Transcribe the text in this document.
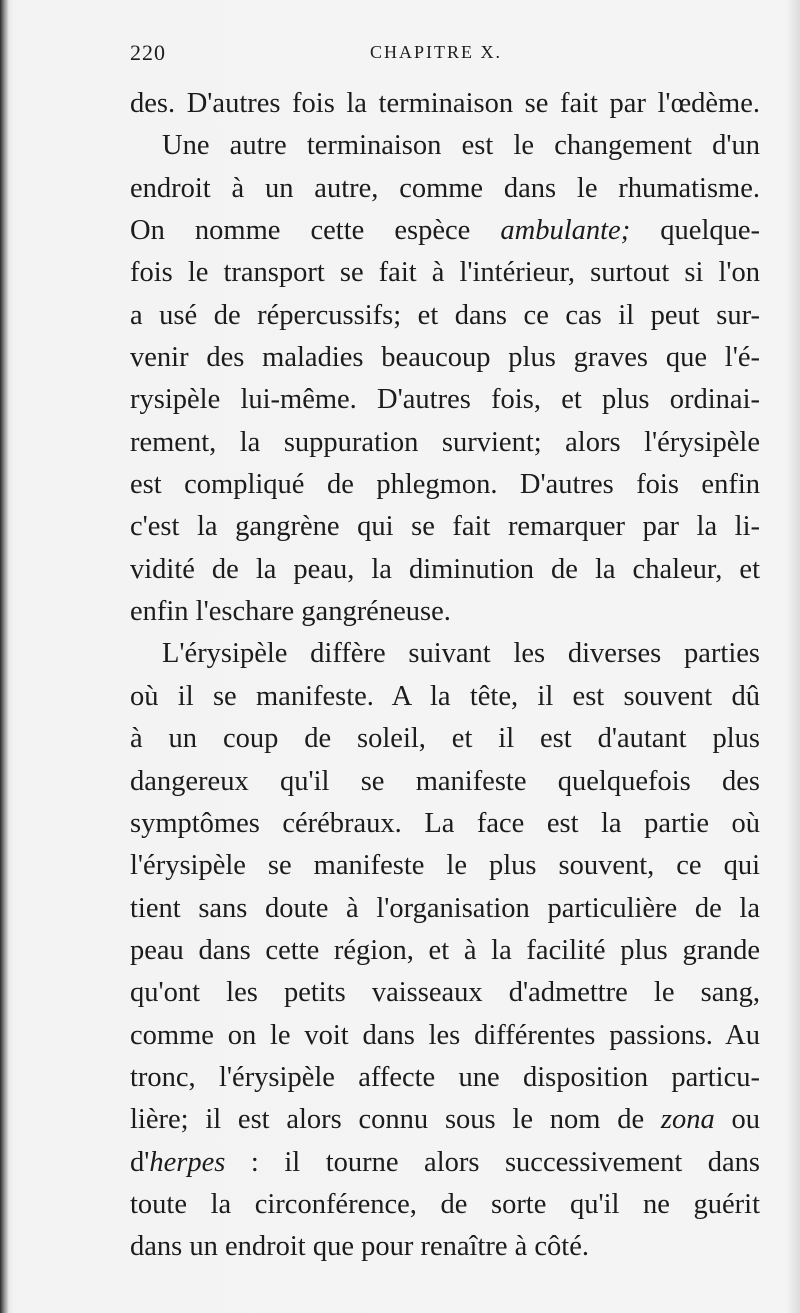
220	CHAPITRE X.
des. D'autres fois la terminaison se fait par l'œdème.
Une autre terminaison est le changement d'un
endroit à un autre, comme dans le rhumatisme.
On nomme cette espèce ambulante; quelque-
fois le transport se fait à l'intérieur, surtout si l'on
a usé de répercussifs; et dans ce cas il peut sur-
venir des maladies beaucoup plus graves que l'é-
rysipèle lui-même. D'autres fois, et plus ordinai-
rement, la suppuration survient; alors l'érysipèle
est compliqué de phlegmon. D'autres fois enfin
c'est la gangrène qui se fait remarquer par la li-
vidité de la peau, la diminution de la chaleur, et
enfin l'eschare gangréneuse.
L'érysipèle diffère suivant les diverses parties
où il se manifeste. A la tête, il est souvent dû
à un coup de soleil, et il est d'autant plus
dangereux qu'il se manifeste quelquefois des
symptômes cérébraux. La face est la partie où
l'érysipèle se manifeste le plus souvent, ce qui
tient sans doute à l'organisation particulière de la
peau dans cette région, et à la facilité plus grande
qu'ont les petits vaisseaux d'admettre le sang,
comme on le voit dans les différentes passions. Au
tronc, l'érysipèle affecte une disposition particu-
lière; il est alors connu sous le nom de zona ou
d'herpes : il tourne alors successivement dans
toute la circonférence, de sorte qu'il ne guérit
dans un endroit que pour renaître à côté.
